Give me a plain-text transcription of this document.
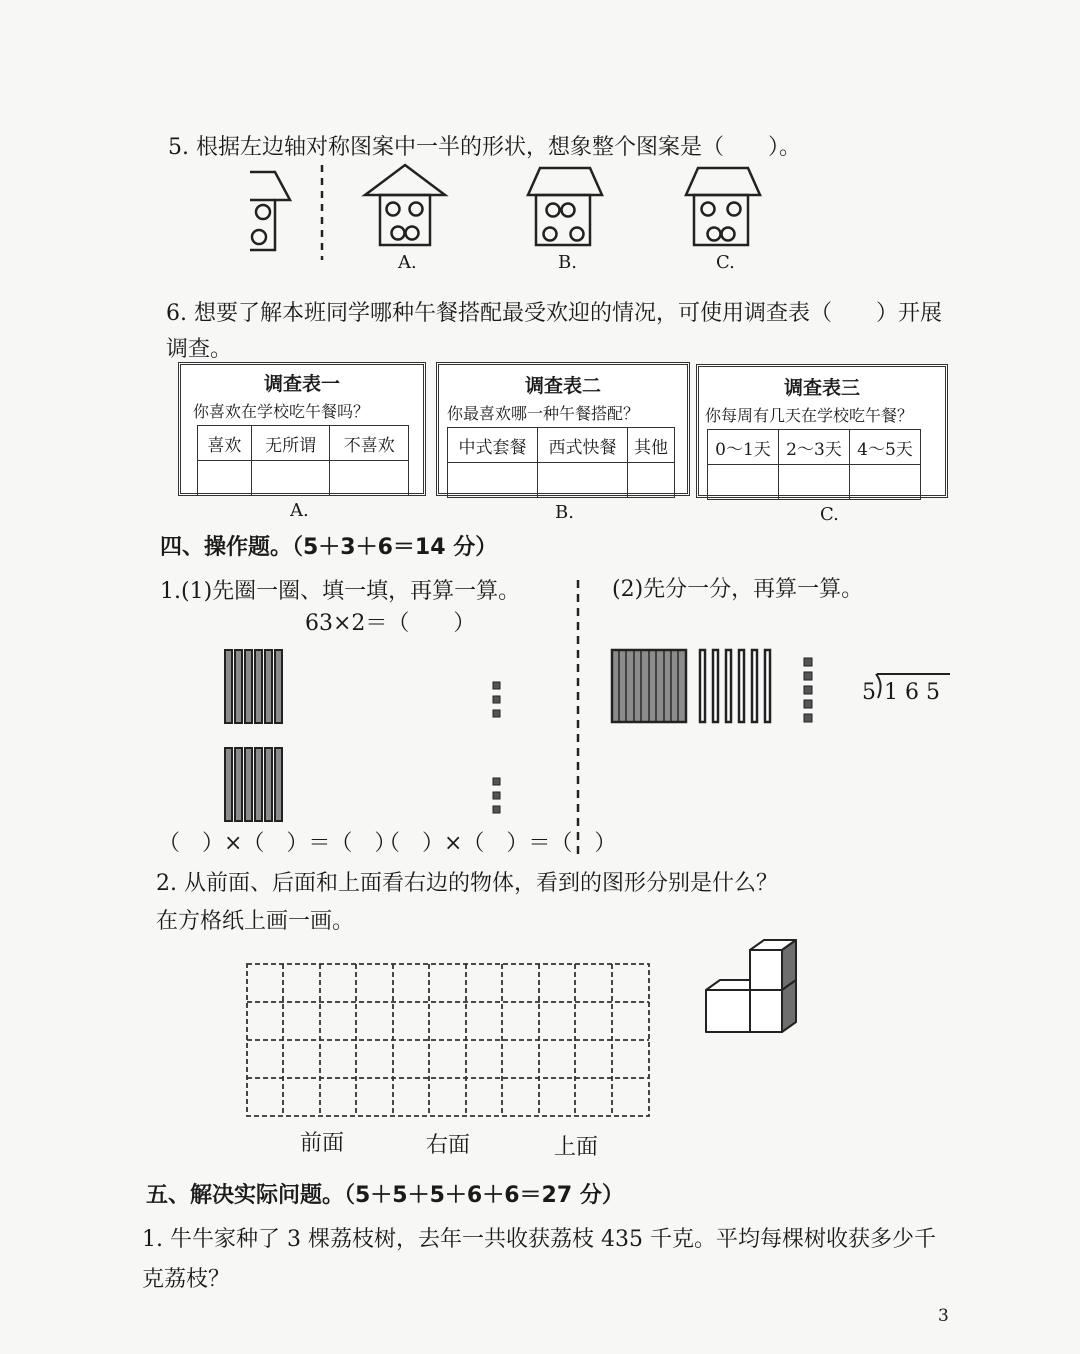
5. 根据左边轴对称图案中一半的形状，想象整个图案是（　　）。
A.	B.	C.
6. 想要了解本班同学哪种午餐搭配最受欢迎的情况，可使用调查表（　　）开展
调查。
调查表一
你喜欢在学校吃午餐吗？
喜欢	无所谓	不喜欢

调查表二
你最喜欢哪一种午餐搭配？
中式套餐	西式快餐	其他

调查表三
你每周有几天在学校吃午餐？
0～1天	2～3天	4～5天

A.	B.	C.
四、操作题。（5＋3＋6＝14 分）
1.(1)先圈一圈、填一填，再算一算。
63×2＝（　　）
(2)先分一分，再算一算。
5 1 6 5
（　）×（　）＝（　）
（　）×（　）＝（　）
2. 从前面、后面和上面看右边的物体，看到的图形分别是什么？
在方格纸上画一画。
前面	右面	上面
五、解决实际问题。（5＋5＋5＋6＋6＝27 分）
1. 牛牛家种了 3 棵荔枝树，去年一共收获荔枝 435 千克。平均每棵树收获多少千
克荔枝？
3
